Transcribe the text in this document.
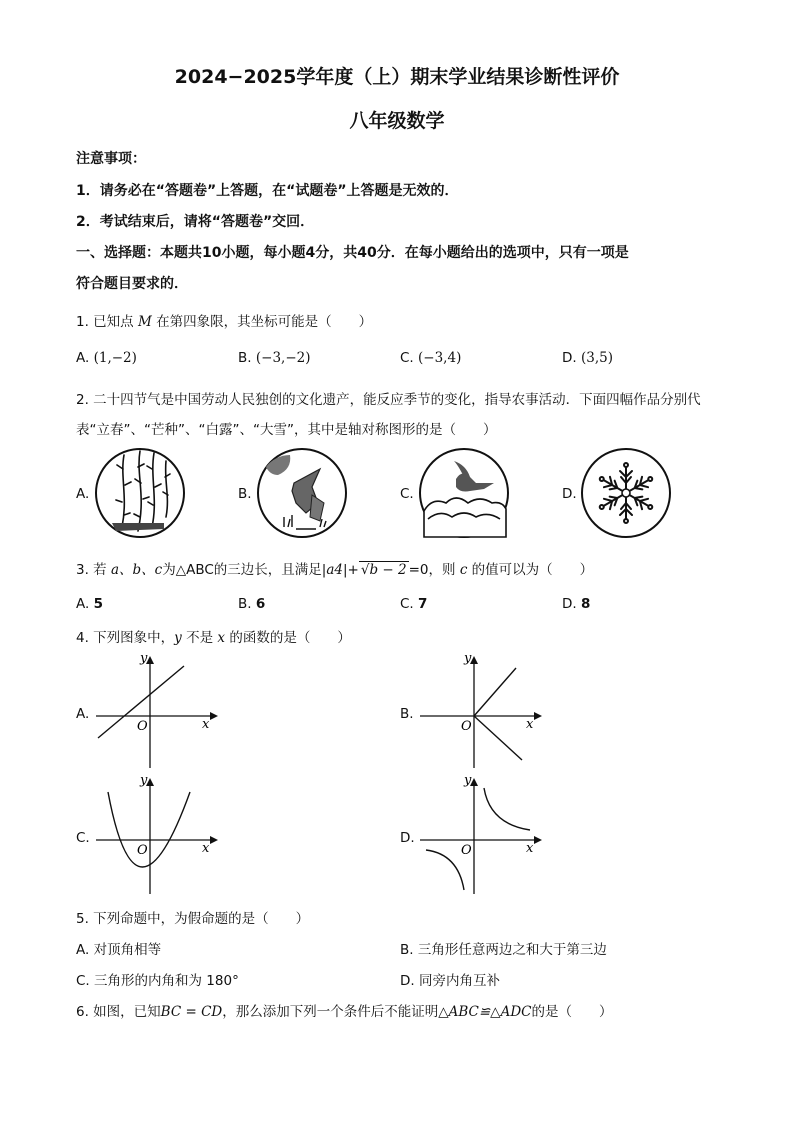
2024−2025学年度（上）期末学业结果诊断性评价
八年级数学
注意事项：
1．请务必在“答题卷”上答题，在“试题卷”上答题是无效的．
2．考试结束后，请将“答题卷”交回．
一、选择题：本题共10小题，每小题4分，共40分．在每小题给出的选项中，只有一项是
符合题目要求的．
1. 已知点 M 在第四象限，其坐标可能是（　　）
A. (1,−2)	B. (−3,−2)	C. (−3,4)	D. (3,5)
2. 二十四节气是中国劳动人民独创的文化遗产，能反应季节的变化，指导农事活动．下面四幅作品分别代
表“立春”、“芒种”、“白露”、“大雪”，其中是轴对称图形的是（　　）
A.	B.	C.	D.
3. 若 a、b、c为△ABC的三边长，且满足|a4|+ √b − 2 =0，则 c 的值可以为（　　）
A. 5	B. 6	C. 7	D. 8
4. 下列图象中，y 不是 x 的函数的是（　　）
A.
x
y
O
B.
x
y
O
C.
x
y
O
D.
x
y
O
5. 下列命题中，为假命题的是（　　）
A. 对顶角相等	B. 三角形任意两边之和大于第三边
C. 三角形的内角和为 180°	D. 同旁内角互补
6. 如图，已知BC = CD，那么添加下列一个条件后不能证明△ABC≌△ADC的是（　　）
